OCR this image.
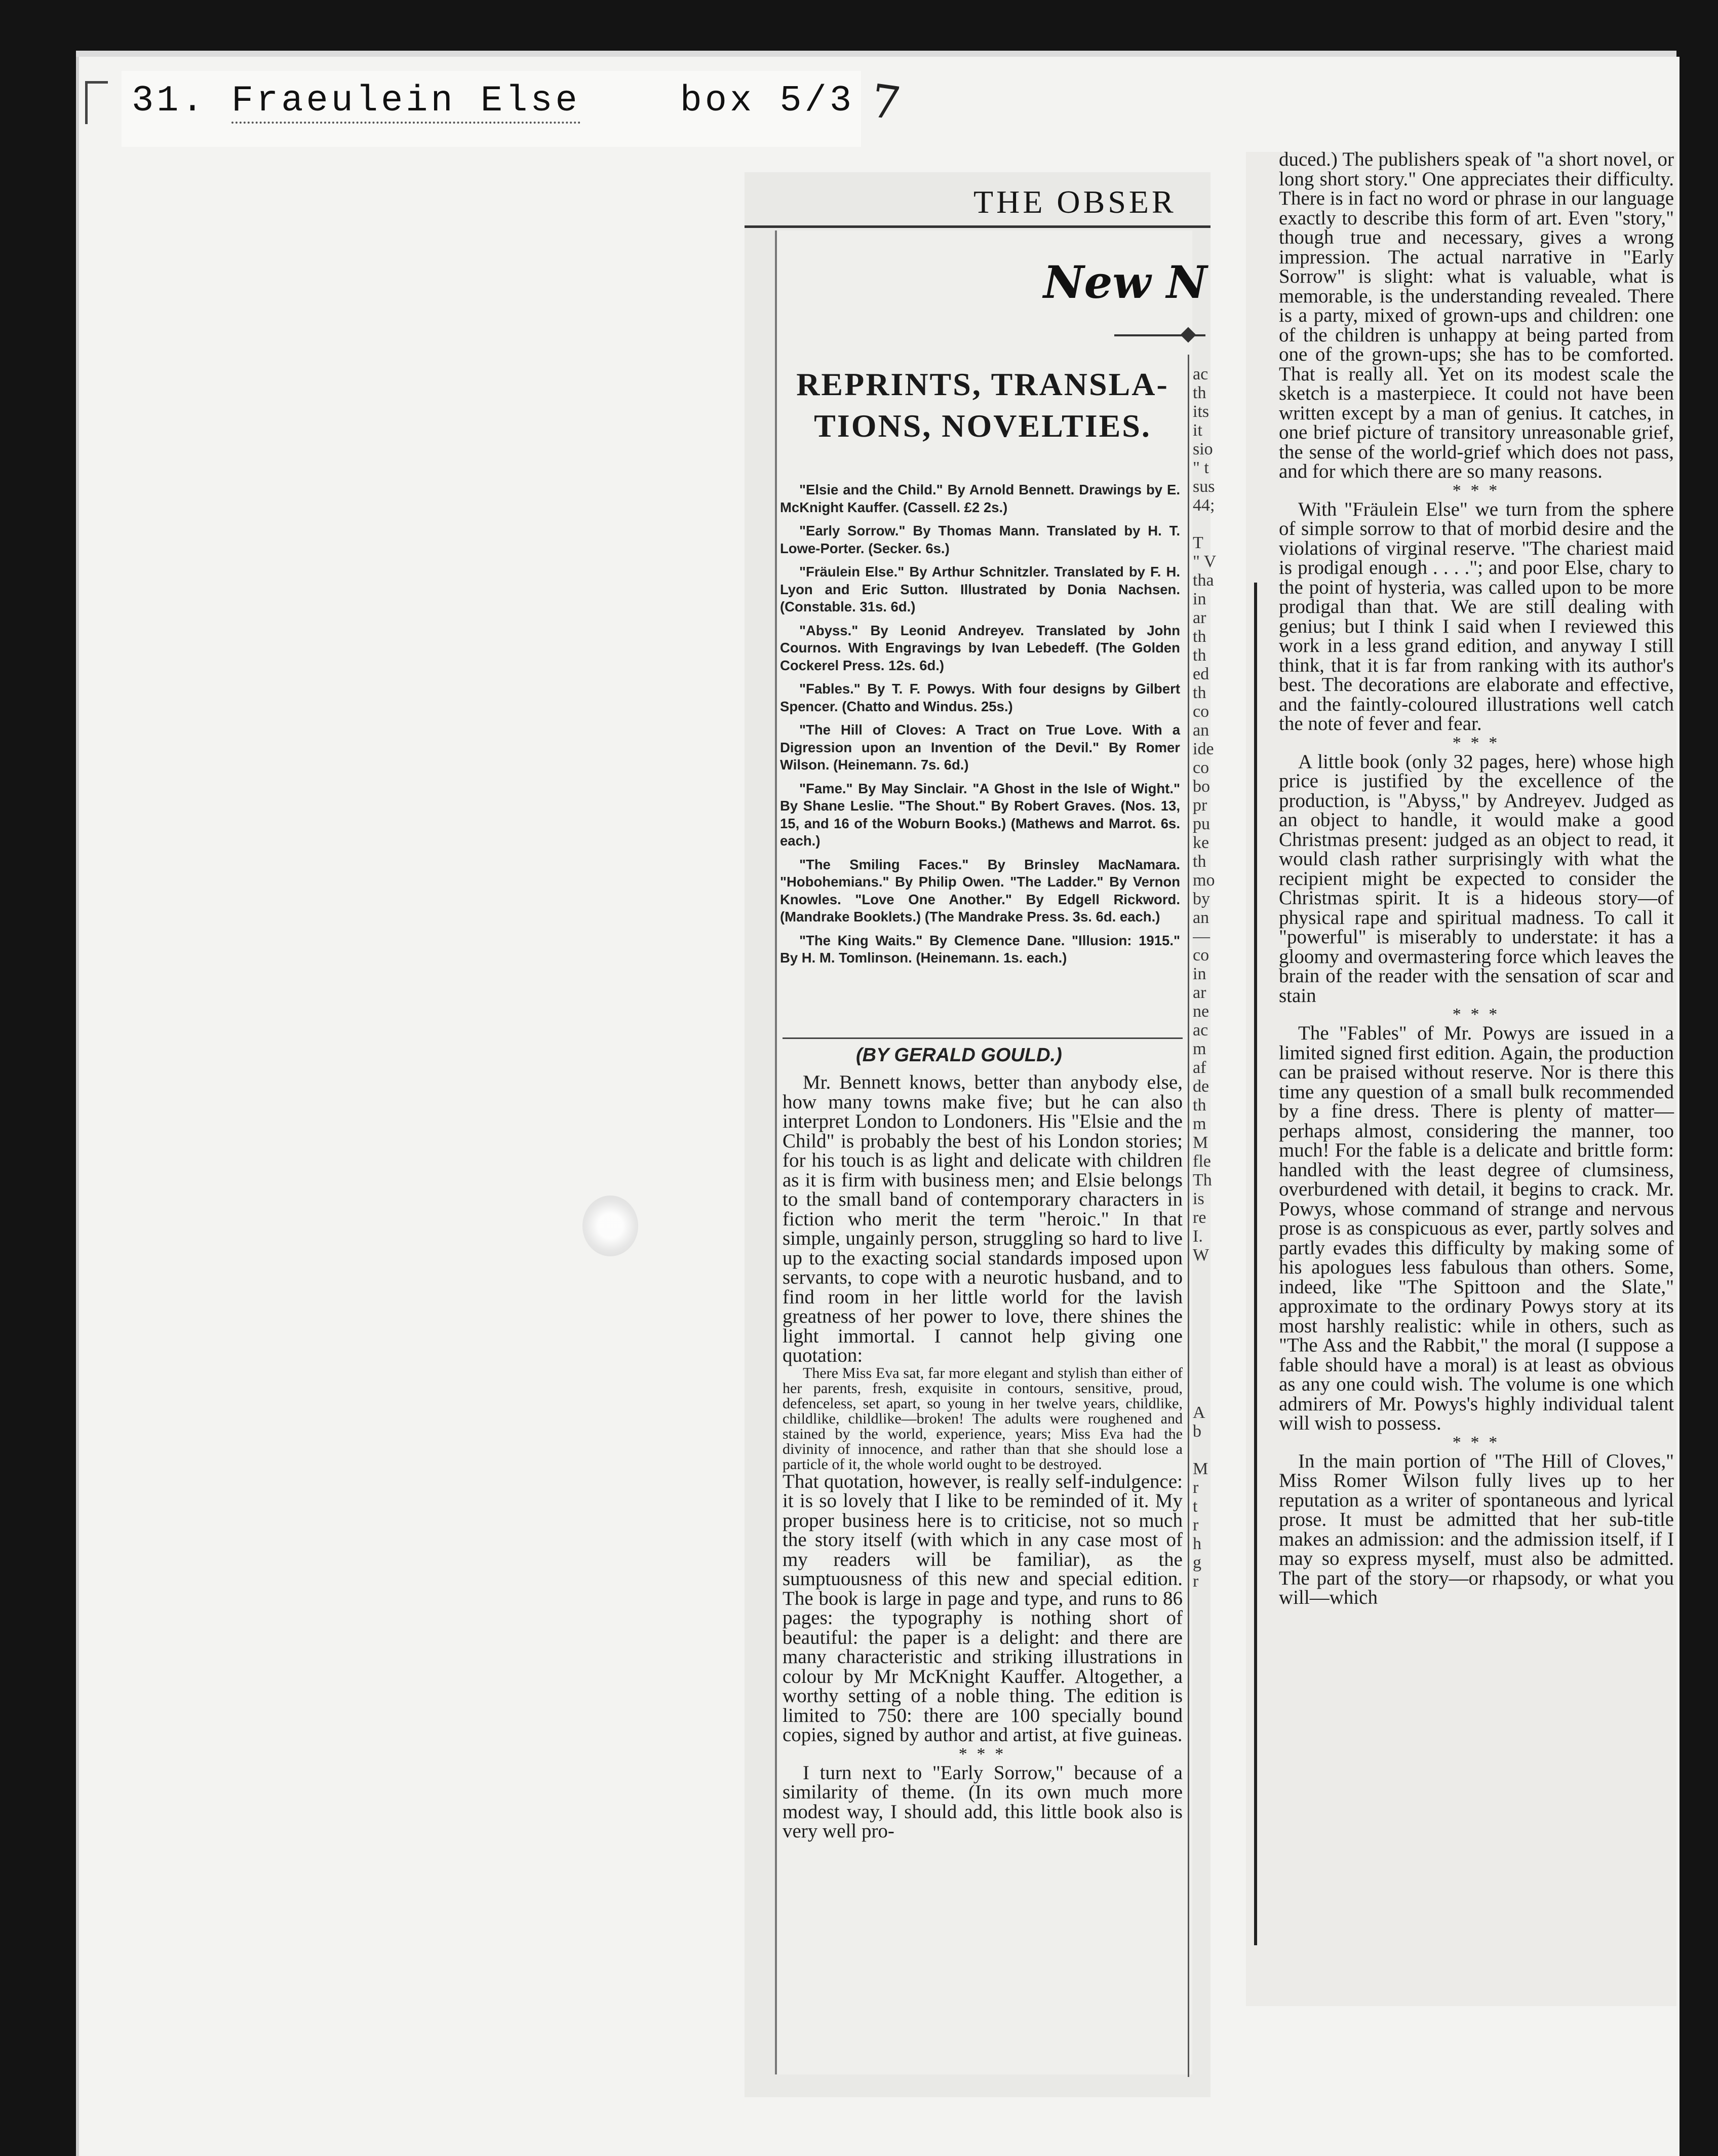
31. Fraeulein Else	box 5/3 7
THE OBSER
New N
REPRINTS, TRANSLA-
TIONS, NOVELTIES.

"Elsie and the Child." By Arnold Bennett. Drawings by E. McKnight Kauffer. (Cassell. £2 2s.)

"Early Sorrow." By Thomas Mann. Translated by H. T. Lowe-Porter. (Secker. 6s.)

"Fräulein Else." By Arthur Schnitzler. Translated by F. H. Lyon and Eric Sutton. Illustrated by Donia Nachsen. (Constable. 31s. 6d.)

"Abyss." By Leonid Andreyev. Translated by John Cournos. With Engravings by Ivan Lebedeff. (The Golden Cockerel Press. 12s. 6d.)

"Fables." By T. F. Powys. With four designs by Gilbert Spencer. (Chatto and Windus. 25s.)

"The Hill of Cloves: A Tract on True Love. With a Digression upon an Invention of the Devil." By Romer Wilson. (Heinemann. 7s. 6d.)

"Fame." By May Sinclair. "A Ghost in the Isle of Wight." By Shane Leslie. "The Shout." By Robert Graves. (Nos. 13, 15, and 16 of the Woburn Books.) (Mathews and Marrot. 6s. each.)

"The Smiling Faces." By Brinsley MacNamara. "Hobohemians." By Philip Owen. "The Ladder." By Vernon Knowles. "Love One Another." By Edgell Rickword. (Mandrake Booklets.) (The Mandrake Press. 3s. 6d. each.)

"The King Waits." By Clemence Dane. "Illusion: 1915." By H. M. Tomlinson. (Heinemann. 1s. each.)

(BY GERALD GOULD.)

Mr. Bennett knows, better than anybody else, how many towns make five; but he can also interpret London to Londoners. His "Elsie and the Child" is probably the best of his London stories; for his touch is as light and delicate with children as it is firm with business men; and Elsie belongs to the small band of contemporary characters in fiction who merit the term "heroic." In that simple, ungainly person, struggling so hard to live up to the exacting social standards imposed upon servants, to cope with a neurotic husband, and to find room in her little world for the lavish greatness of her power to love, there shines the light immortal. I cannot help giving one quotation:

There Miss Eva sat, far more elegant and stylish than either of her parents, fresh, exquisite in contours, sensitive, proud, defenceless, set apart, so young in her twelve years, childlike, childlike, childlike—broken! The adults were roughened and stained by the world, experience, years; Miss Eva had the divinity of innocence, and rather than that she should lose a particle of it, the whole world ought to be destroyed.

That quotation, however, is really self-indulgence: it is so lovely that I like to be reminded of it. My proper business here is to criticise, not so much the story itself (with which in any case most of my readers will be familiar), as the sumptuousness of this new and special edition. The book is large in page and type, and runs to 86 pages: the typography is nothing short of beautiful: the paper is a delight: and there are many characteristic and striking illustrations in colour by Mr McKnight Kauffer. Altogether, a worthy setting of a noble thing. The edition is limited to 750: there are 100 specially bound copies, signed by author and artist, at five guineas.

* * *

I turn next to "Early Sorrow," because of a similarity of theme. (In its own much more modest way, I should add, this little book also is very well pro-

ac
th
its
it
sio
" t
sus
44;

T
" V
tha
in
ar
th
th
ed
th
co
an
ide
co
bo
pr
pu
ke
th
mo
by
an
—
co
in
ar
ne
ac
m
af
de
th
m
M
fle
Th
is
re
I.
W
A
b

M
r
t
r
h
g
r

duced.) The publishers speak of "a short novel, or long short story." One appreciates their difficulty. There is in fact no word or phrase in our language exactly to describe this form of art. Even "story," though true and necessary, gives a wrong impression. The actual narrative in "Early Sorrow" is slight: what is valuable, what is memorable, is the understanding revealed. There is a party, mixed of grown-ups and children: one of the children is unhappy at being parted from one of the grown-ups; she has to be comforted. That is really all. Yet on its modest scale the sketch is a masterpiece. It could not have been written except by a man of genius. It catches, in one brief picture of transitory unreasonable grief, the sense of the world-grief which does not pass, and for which there are so many reasons.

* * *

With "Fräulein Else" we turn from the sphere of simple sorrow to that of morbid desire and the violations of virginal reserve. "The chariest maid is prodigal enough . . . ."; and poor Else, chary to the point of hysteria, was called upon to be more prodigal than that. We are still dealing with genius; but I think I said when I reviewed this work in a less grand edition, and anyway I still think, that it is far from ranking with its author's best. The decorations are elaborate and effective, and the faintly-coloured illustrations well catch the note of fever and fear.

* * *

A little book (only 32 pages, here) whose high price is justified by the excellence of the production, is "Abyss," by Andreyev. Judged as an object to handle, it would make a good Christmas present: judged as an object to read, it would clash rather surprisingly with what the recipient might be expected to consider the Christmas spirit. It is a hideous story—of physical rape and spiritual madness. To call it "powerful" is miserably to understate: it has a gloomy and overmastering force which leaves the brain of the reader with the sensation of scar and stain

* * *

The "Fables" of Mr. Powys are issued in a limited signed first edition. Again, the production can be praised without reserve. Nor is there this time any question of a small bulk recommended by a fine dress. There is plenty of matter—perhaps almost, considering the manner, too much! For the fable is a delicate and brittle form: handled with the least degree of clumsiness, overburdened with detail, it begins to crack. Mr. Powys, whose command of strange and nervous prose is as conspicuous as ever, partly solves and partly evades this difficulty by making some of his apologues less fabulous than others. Some, indeed, like "The Spittoon and the Slate," approximate to the ordinary Powys story at its most harshly realistic: while in others, such as "The Ass and the Rabbit," the moral (I suppose a fable should have a moral) is at least as obvious as any one could wish. The volume is one which admirers of Mr. Powys's highly individual talent will wish to possess.

* * *

In the main portion of "The Hill of Cloves," Miss Romer Wilson fully lives up to her reputation as a writer of spontaneous and lyrical prose. It must be admitted that her sub-title makes an admission: and the admission itself, if I may so express myself, must also be admitted. The part of the story—or rhapsody, or what you will—which
